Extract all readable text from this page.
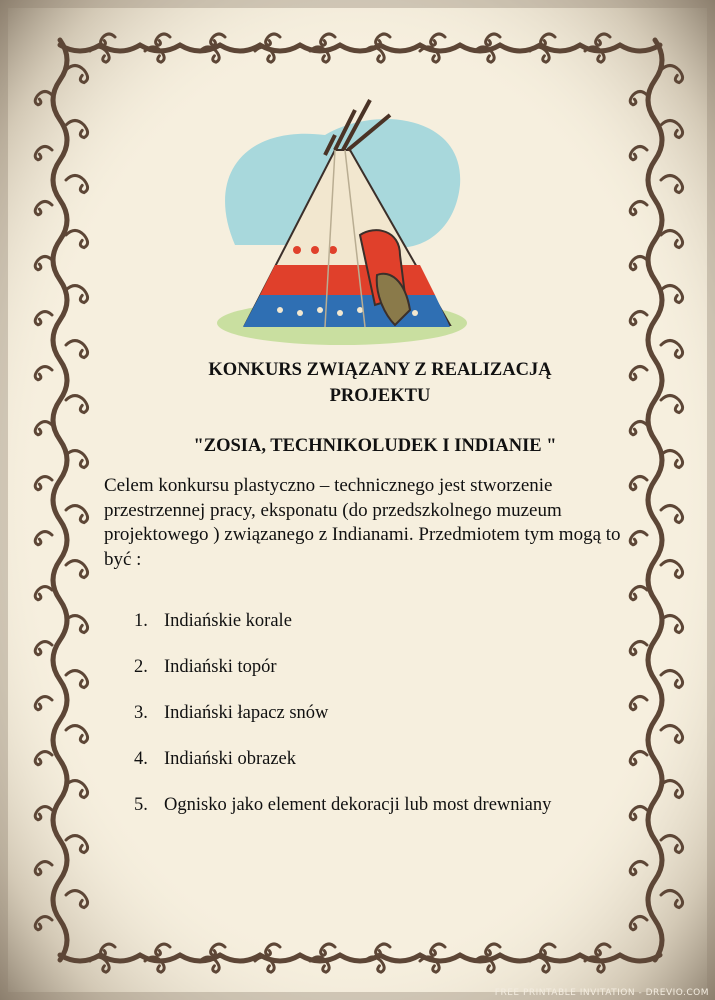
KONKURS ZWIĄZANY Z REALIZACJĄ
PROJEKTU
"ZOSIA, TECHNIKOLUDEK I INDIANIE "
Celem konkursu plastyczno – technicznego jest stworzenie przestrzennej pracy, eksponatu (do przedszkolnego muzeum projektowego ) związanego z Indianami. Przedmiotem tym mogą to być :
1. Indiańskie korale
2. Indiański topór
3. Indiański łapacz snów
4. Indiański obrazek
5. Ognisko jako element dekoracji lub most drewniany
FREE PRINTABLE INVITATION - DREVIO.COM
